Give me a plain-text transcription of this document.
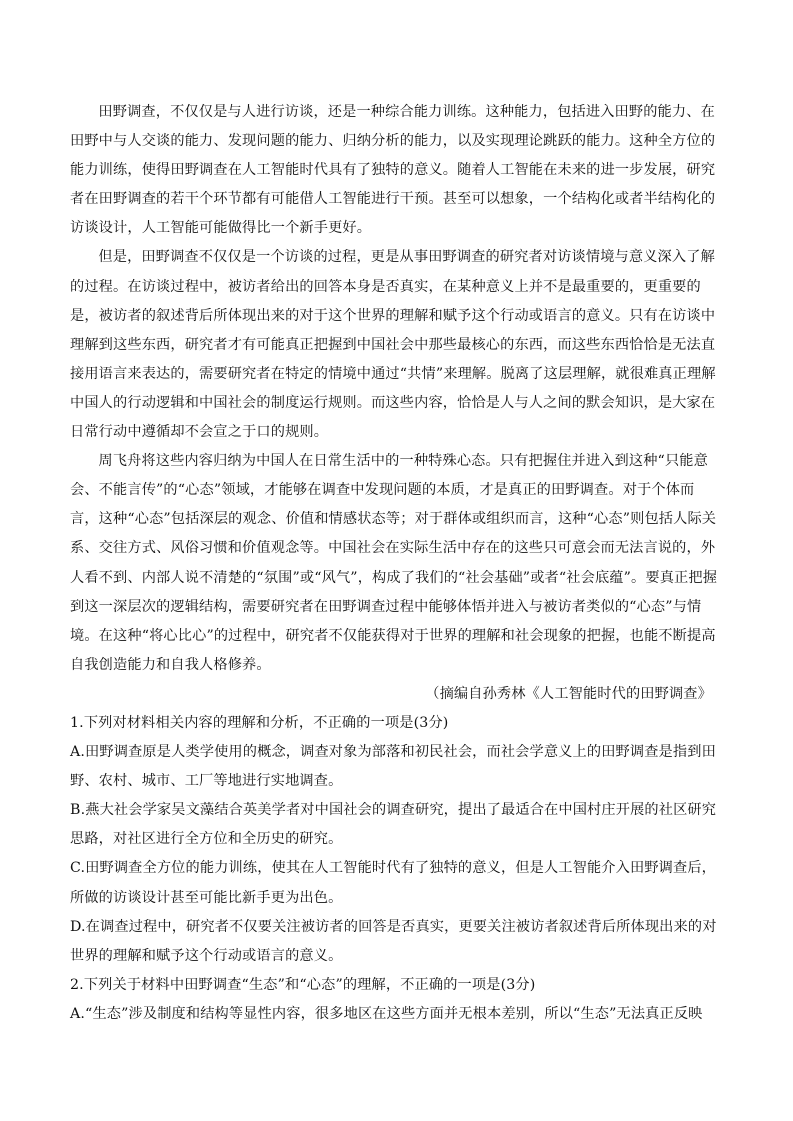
田野调查，不仅仅是与人进行访谈，还是一种综合能力训练。这种能力，包括进入田野的能力、在田野中与人交谈的能力、发现问题的能力、归纳分析的能力，以及实现理论跳跃的能力。这种全方位的能力训练，使得田野调查在人工智能时代具有了独特的意义。随着人工智能在未来的进一步发展，研究者在田野调查的若干个环节都有可能借人工智能进行干预。甚至可以想象，一个结构化或者半结构化的访谈设计，人工智能可能做得比一个新手更好。

但是，田野调查不仅仅是一个访谈的过程，更是从事田野调查的研究者对访谈情境与意义深入了解的过程。在访谈过程中，被访者给出的回答本身是否真实，在某种意义上并不是最重要的，更重要的是，被访者的叙述背后所体现出来的对于这个世界的理解和赋予这个行动或语言的意义。只有在访谈中理解到这些东西，研究者才有可能真正把握到中国社会中那些最核心的东西，而这些东西恰恰是无法直接用语言来表达的，需要研究者在特定的情境中通过“共情”来理解。脱离了这层理解，就很难真正理解中国人的行动逻辑和中国社会的制度运行规则。而这些内容，恰恰是人与人之间的默会知识，是大家在日常行动中遵循却不会宣之于口的规则。

周飞舟将这些内容归纳为中国人在日常生活中的一种特殊心态。只有把握住并进入到这种“只能意会、不能言传”的“心态”领域，才能够在调查中发现问题的本质，才是真正的田野调查。对于个体而言，这种“心态”包括深层的观念、价值和情感状态等；对于群体或组织而言，这种“心态”则包括人际关系、交往方式、风俗习惯和价值观念等。中国社会在实际生活中存在的这些只可意会而无法言说的，外人看不到、内部人说不清楚的“氛围”或“风气”，构成了我们的“社会基础”或者“社会底蕴”。要真正把握到这一深层次的逻辑结构，需要研究者在田野调查过程中能够体悟并进入与被访者类似的“心态”与情境。在这种“将心比心”的过程中，研究者不仅能获得对于世界的理解和社会现象的把握，也能不断提高自我创造能力和自我人格修养。

（摘编自孙秀林《人工智能时代的田野调查》

1.下列对材料相关内容的理解和分析，不正确的一项是(3分)

A.田野调查原是人类学使用的概念，调查对象为部落和初民社会，而社会学意义上的田野调查是指到田野、农村、城市、工厂等地进行实地调查。

B.燕大社会学家吴文藻结合英美学者对中国社会的调查研究，提出了最适合在中国村庄开展的社区研究思路，对社区进行全方位和全历史的研究。

C.田野调查全方位的能力训练，使其在人工智能时代有了独特的意义，但是人工智能介入田野调查后，所做的访谈设计甚至可能比新手更为出色。

D.在调查过程中，研究者不仅要关注被访者的回答是否真实，更要关注被访者叙述背后所体现出来的对世界的理解和赋予这个行动或语言的意义。

2.下列关于材料中田野调查“生态”和“心态”的理解，不正确的一项是(3分)

A.“生态”涉及制度和结构等显性内容，很多地区在这些方面并无根本差别，所以“生态”无法真正反映
